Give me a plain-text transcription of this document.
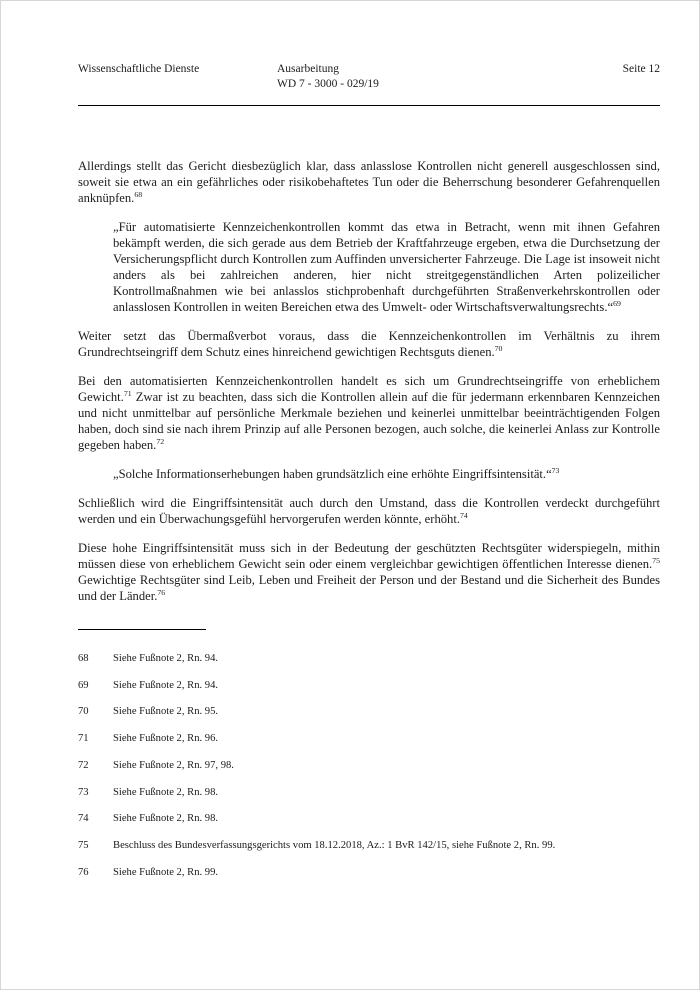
Wissenschaftliche Dienste	Ausarbeitung
WD 7 - 3000 - 029/19
Seite 12

Allerdings stellt das Gericht diesbezüglich klar, dass anlasslose Kontrollen nicht generell ausgeschlossen sind, soweit sie etwa an ein gefährliches oder risikobehaftetes Tun oder die Beherrschung besonderer Gefahrenquellen anknüpfen.$^{68}$

„Für automatisierte Kennzeichenkontrollen kommt das etwa in Betracht, wenn mit ihnen Gefahren bekämpft werden, die sich gerade aus dem Betrieb der Kraftfahrzeuge ergeben, etwa die Durchsetzung der Versicherungspflicht durch Kontrollen zum Auffinden unversicherter Fahrzeuge. Die Lage ist insoweit nicht anders als bei zahlreichen anderen, hier nicht streitgegenständlichen Arten polizeilicher Kontrollmaßnahmen wie bei anlasslos stichprobenhaft durchgeführten Straßenverkehrskontrollen oder anlasslosen Kontrollen in weiten Bereichen etwa des Umwelt- oder Wirtschaftsverwaltungsrechts.“$^{69}$

Weiter setzt das Übermaßverbot voraus, dass die Kennzeichenkontrollen im Verhältnis zu ihrem Grundrechtseingriff dem Schutz eines hinreichend gewichtigen Rechtsguts dienen.$^{70}$

Bei den automatisierten Kennzeichenkontrollen handelt es sich um Grundrechtseingriffe von erheblichem Gewicht.$^{71}$ Zwar ist zu beachten, dass sich die Kontrollen allein auf die für jedermann erkennbaren Kennzeichen und nicht unmittelbar auf persönliche Merkmale beziehen und keinerlei unmittelbar beeinträchtigenden Folgen haben, doch sind sie nach ihrem Prinzip auf alle Personen bezogen, auch solche, die keinerlei Anlass zur Kontrolle gegeben haben.$^{72}$

„Solche Informationserhebungen haben grundsätzlich eine erhöhte Eingriffsintensität.“$^{73}$

Schließlich wird die Eingriffsintensität auch durch den Umstand, dass die Kontrollen verdeckt durchgeführt werden und ein Überwachungsgefühl hervorgerufen werden könnte, erhöht.$^{74}$

Diese hohe Eingriffsintensität muss sich in der Bedeutung der geschützten Rechtsgüter widerspiegeln, mithin müssen diese von erheblichem Gewicht sein oder einem vergleichbar gewichtigen öffentlichen Interesse dienen.$^{75}$ Gewichtige Rechtsgüter sind Leib, Leben und Freiheit der Person und der Bestand und die Sicherheit des Bundes und der Länder.$^{76}$

68	Siehe Fußnote 2, Rn. 94.
69	Siehe Fußnote 2, Rn. 94.
70	Siehe Fußnote 2, Rn. 95.
71	Siehe Fußnote 2, Rn. 96.
72	Siehe Fußnote 2, Rn. 97, 98.
73	Siehe Fußnote 2, Rn. 98.
74	Siehe Fußnote 2, Rn. 98.
75	Beschluss des Bundesverfassungsgerichts vom 18.12.2018, Az.: 1 BvR 142/15, siehe Fußnote 2, Rn. 99.
76	Siehe Fußnote 2, Rn. 99.
